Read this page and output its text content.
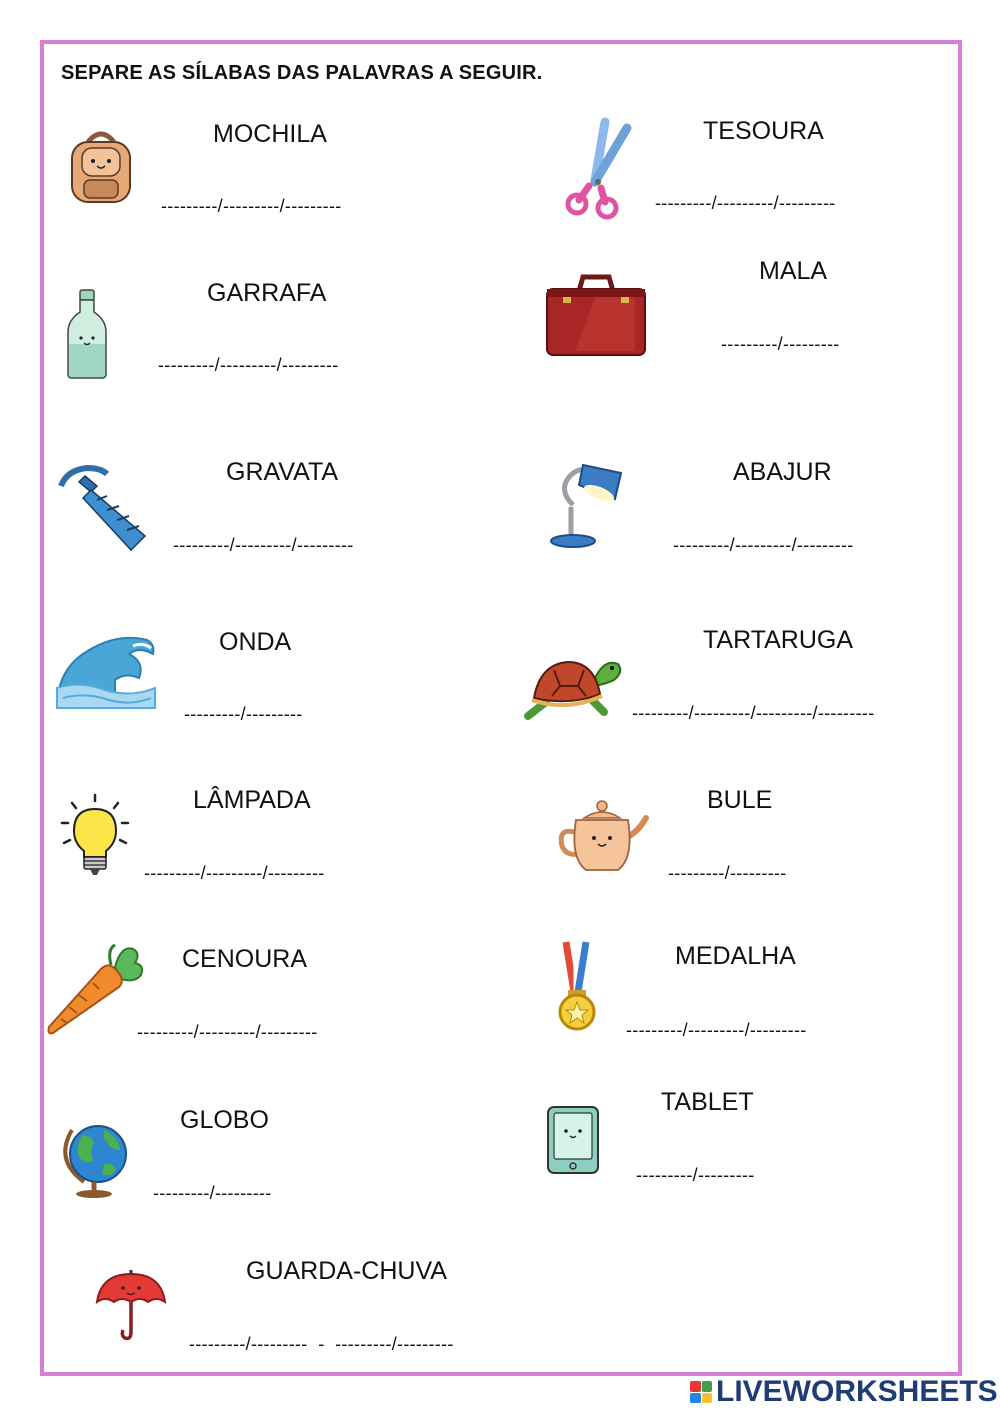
SEPARE AS SÍLABAS DAS PALAVRAS A SEGUIR.
MOCHILA
---------/---------/---------
TESOURA
---------/---------/---------
GARRAFA
---------/---------/---------
MALA
---------/---------
GRAVATA
---------/---------/---------
ABAJUR
---------/---------/---------
ONDA
---------/---------
TARTARUGA
---------/---------/---------/---------
LÂMPADA
---------/---------/---------
BULE
---------/---------
CENOURA
---------/---------/---------
MEDALHA
---------/---------/---------
GLOBO
---------/---------
TABLET
---------/---------
GUARDA-CHUVA
---------/---------  -  ---------/---------
LIVEWORKSHEETS
